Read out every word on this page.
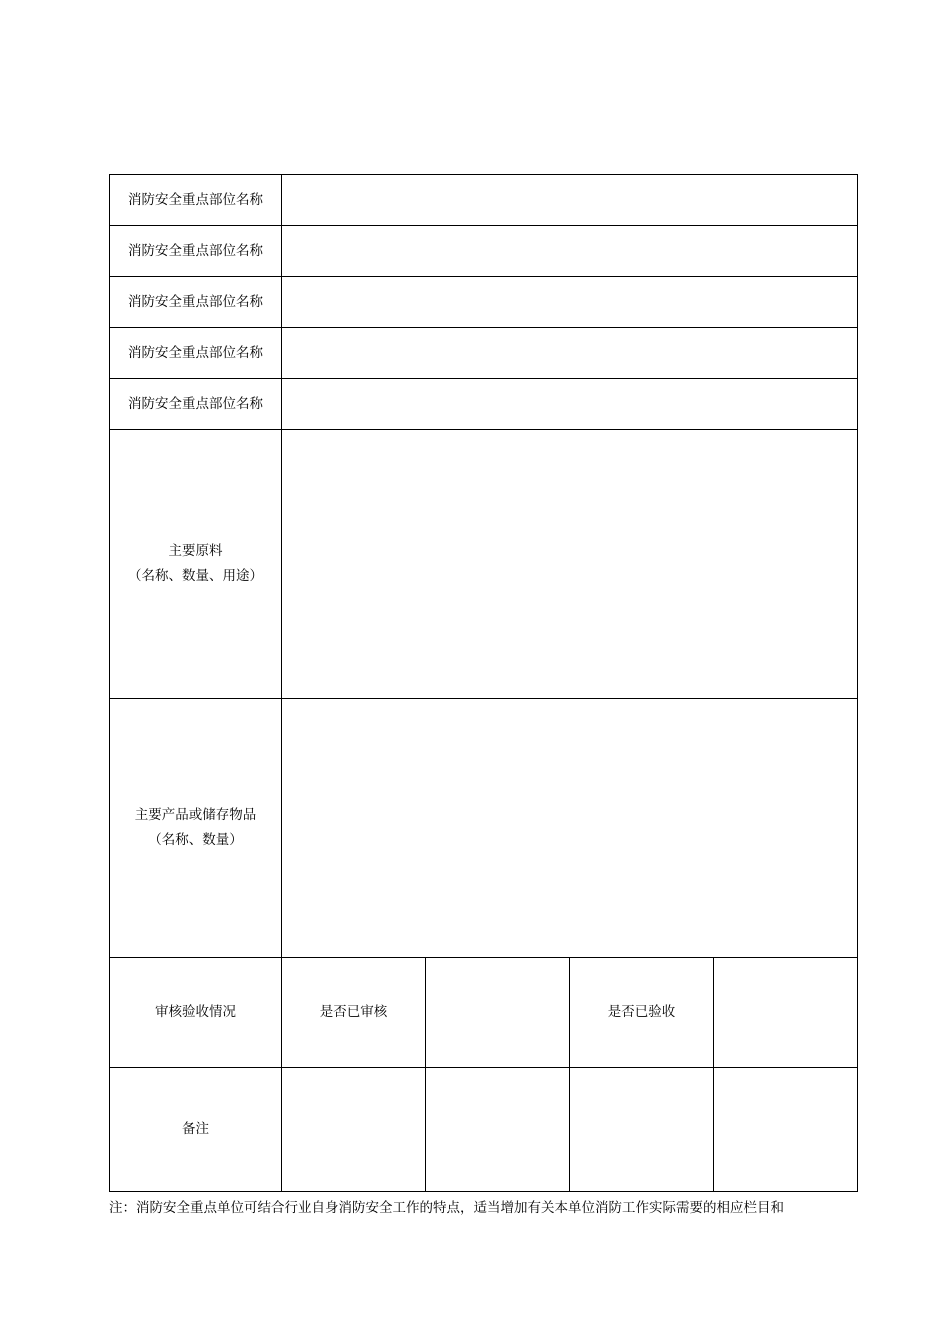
消防安全重点部位名称				
消防安全重点部位名称				
消防安全重点部位名称				
消防安全重点部位名称				
消防安全重点部位名称				

主要原料
（名称、数量、用途）				

主要产品或储存物品
（名称、数量）				

审核验收情况	是否已审核		是否已验收	
备注				
注：消防安全重点单位可结合行业自身消防安全工作的特点，适当增加有关本单位消防工作实际需要的相应栏目和
